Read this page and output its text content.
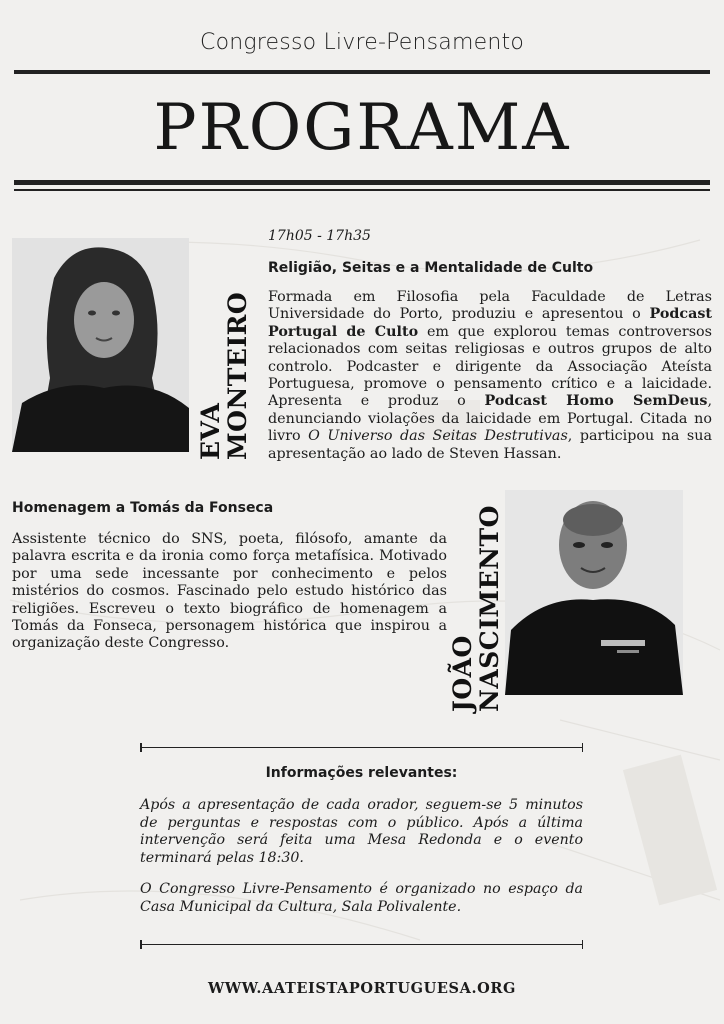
Congresso Livre-Pensamento
PROGRAMA
EVA
MONTEIRO
17h05 - 17h35
Religião, Seitas e a Mentalidade de Culto
Formada em Filosofia pela Faculdade de Letras Universidade do Porto, produziu e apresentou o Podcast Portugal de Culto em que explorou temas controversos relacionados com seitas religiosas e outros grupos de alto controlo. Podcaster e dirigente da Associação Ateísta Portuguesa, promove o pensamento crítico e a laicidade. Apresenta e produz o Podcast Homo SemDeus, denunciando violações da laicidade em Portugal. Citada no livro O Universo das Seitas Destrutivas, participou na sua apresentação ao lado de Steven Hassan.
Homenagem a Tomás da Fonseca
Assistente técnico do SNS, poeta, filósofo, amante da palavra escrita e da ironia como força metafísica. Motivado por uma sede incessante por conhecimento e pelos mistérios do cosmos. Fascinado pelo estudo histórico das religiões. Escreveu o texto biográfico de homenagem a Tomás da Fonseca, personagem histórica que inspirou a organização deste Congresso.	JOÃO
NASCIMENTO
Informações relevantes:
Após a apresentação de cada orador, seguem-se 5 minutos de perguntas e respostas com o público. Após a última intervenção será feita uma Mesa Redonda e o evento terminará pelas 18:30.
O Congresso Livre-Pensamento é organizado no espaço da Casa Municipal da Cultura, Sala Polivalente.
WWW.AATEISTAPORTUGUESA.ORG
